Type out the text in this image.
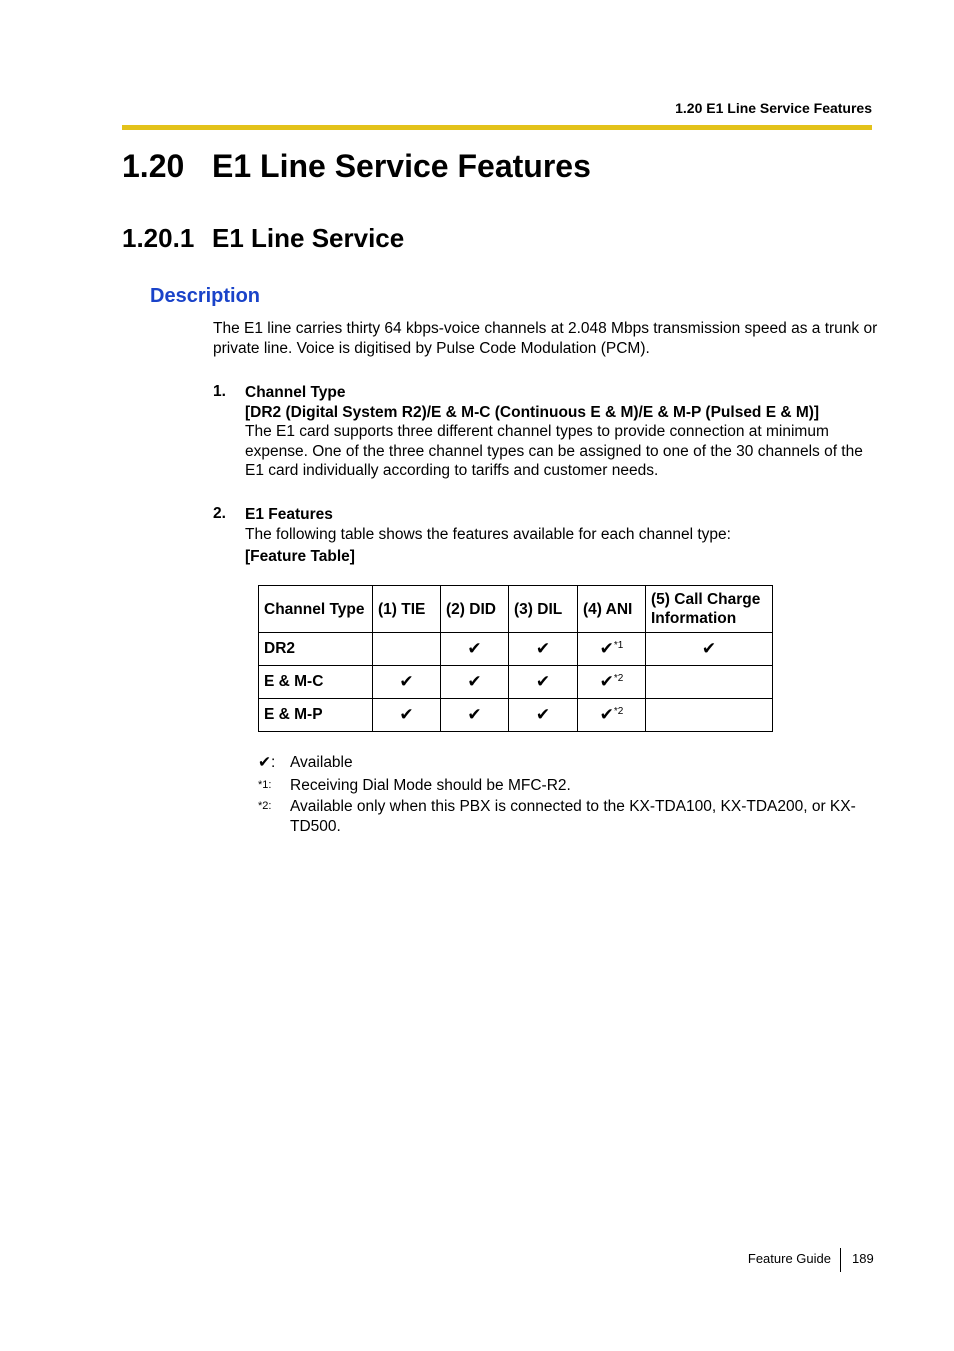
1.20 E1 Line Service Features
1.20 E1 Line Service Features
1.20.1 E1 Line Service
Description
The E1 line carries thirty 64 kbps-voice channels at 2.048 Mbps transmission speed as a trunk or private line. Voice is digitised by Pulse Code Modulation (PCM).
1. Channel Type
[DR2 (Digital System R2)/E & M-C (Continuous E & M)/E & M-P (Pulsed E & M)]
The E1 card supports three different channel types to provide connection at minimum expense. One of the three channel types can be assigned to one of the 30 channels of the E1 card individually according to tariffs and customer needs.
2. E1 Features
The following table shows the features available for each channel type:
[Feature Table]
Channel Type	(1) TIE	(2) DID	(3) DIL	(4) ANI	(5) Call Charge Information
DR2		✔	✔	✔$^{*1}$	✔
E & M-C	✔	✔	✔	✔$^{*2}$	
E & M-P	✔	✔	✔	✔$^{*2}$	
✔: Available
*1: Receiving Dial Mode should be MFC-R2.
*2: Available only when this PBX is connected to the KX-TDA100, KX-TDA200, or KX-TD500.
Feature Guide 189
